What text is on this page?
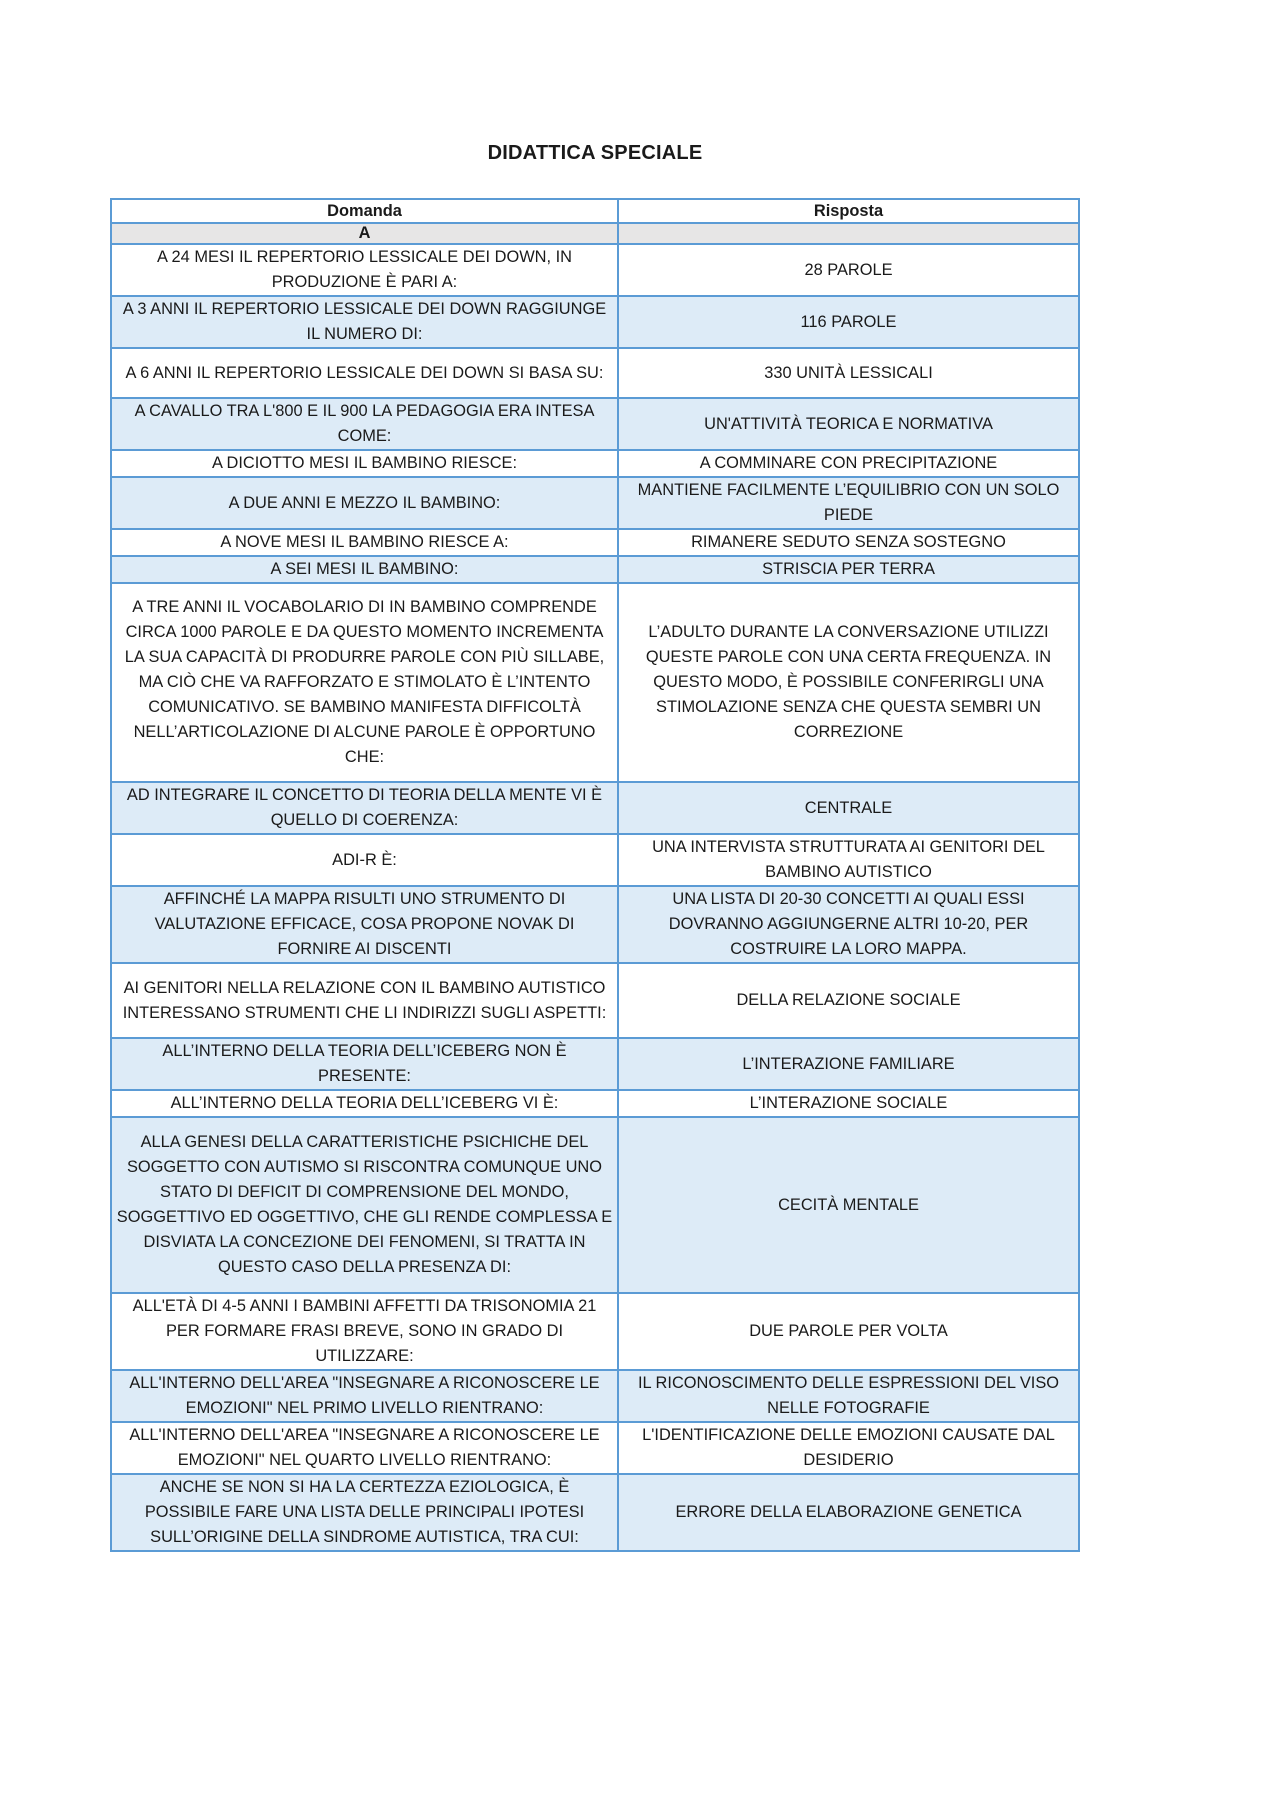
DIDATTICA SPECIALE
Domanda	Risposta
A	
A 24 MESI IL REPERTORIO LESSICALE DEI DOWN, IN PRODUZIONE È PARI A:	28 PAROLE
A 3 ANNI IL REPERTORIO LESSICALE DEI DOWN RAGGIUNGE IL NUMERO DI:	116 PAROLE
A 6 ANNI IL REPERTORIO LESSICALE DEI DOWN SI BASA SU:	330 UNITÀ LESSICALI
A CAVALLO TRA L'800 E IL 900 LA PEDAGOGIA ERA INTESA COME:	UN'ATTIVITÀ TEORICA E NORMATIVA
A DICIOTTO MESI IL BAMBINO RIESCE:	A COMMINARE CON PRECIPITAZIONE
A DUE ANNI E MEZZO IL BAMBINO:	MANTIENE FACILMENTE L’EQUILIBRIO CON UN SOLO PIEDE
A NOVE MESI IL BAMBINO RIESCE A:	RIMANERE SEDUTO SENZA SOSTEGNO
A SEI MESI IL BAMBINO:	STRISCIA PER TERRA
A TRE ANNI IL VOCABOLARIO DI IN BAMBINO COMPRENDE CIRCA 1000 PAROLE E DA QUESTO MOMENTO INCREMENTA LA SUA CAPACITÀ DI PRODURRE PAROLE CON PIÙ SILLABE, MA CIÒ CHE VA RAFFORZATO E STIMOLATO È L’INTENTO COMUNICATIVO. SE BAMBINO MANIFESTA DIFFICOLTÀ NELL’ARTICOLAZIONE DI ALCUNE PAROLE È OPPORTUNO CHE:	L’ADULTO DURANTE LA CONVERSAZIONE UTILIZZI QUESTE PAROLE CON UNA CERTA FREQUENZA. IN QUESTO MODO, È POSSIBILE CONFERIRGLI UNA STIMOLAZIONE SENZA CHE QUESTA SEMBRI UN CORREZIONE
AD INTEGRARE IL CONCETTO DI TEORIA DELLA MENTE VI È QUELLO DI COERENZA:	CENTRALE
ADI-R È:	UNA INTERVISTA STRUTTURATA AI GENITORI DEL BAMBINO AUTISTICO
AFFINCHÉ LA MAPPA RISULTI UNO STRUMENTO DI VALUTAZIONE EFFICACE, COSA PROPONE NOVAK DI FORNIRE AI DISCENTI	UNA LISTA DI 20-30 CONCETTI AI QUALI ESSI DOVRANNO AGGIUNGERNE ALTRI 10-20, PER COSTRUIRE LA LORO MAPPA.
AI GENITORI NELLA RELAZIONE CON IL BAMBINO AUTISTICO INTERESSANO STRUMENTI CHE LI INDIRIZZI SUGLI ASPETTI:	DELLA RELAZIONE SOCIALE
ALL’INTERNO DELLA TEORIA DELL’ICEBERG NON È PRESENTE:	L’INTERAZIONE FAMILIARE
ALL’INTERNO DELLA TEORIA DELL’ICEBERG VI È:	L’INTERAZIONE SOCIALE
ALLA GENESI DELLA CARATTERISTICHE PSICHICHE DEL SOGGETTO CON AUTISMO SI RISCONTRA COMUNQUE UNO STATO DI DEFICIT DI COMPRENSIONE DEL MONDO, SOGGETTIVO ED OGGETTIVO, CHE GLI RENDE COMPLESSA E DISVIATA LA CONCEZIONE DEI FENOMENI, SI TRATTA IN QUESTO CASO DELLA PRESENZA DI:	CECITÀ MENTALE
ALL'ETÀ DI 4-5 ANNI I BAMBINI AFFETTI DA TRISONOMIA 21 PER FORMARE FRASI BREVE, SONO IN GRADO DI UTILIZZARE:	DUE PAROLE PER VOLTA
ALL'INTERNO DELL'AREA "INSEGNARE A RICONOSCERE LE EMOZIONI" NEL PRIMO LIVELLO RIENTRANO:	IL RICONOSCIMENTO DELLE ESPRESSIONI DEL VISO NELLE FOTOGRAFIE
ALL'INTERNO DELL'AREA "INSEGNARE A RICONOSCERE LE EMOZIONI" NEL QUARTO LIVELLO RIENTRANO:	L'IDENTIFICAZIONE DELLE EMOZIONI CAUSATE DAL DESIDERIO
ANCHE SE NON SI HA LA CERTEZZA EZIOLOGICA, È POSSIBILE FARE UNA LISTA DELLE PRINCIPALI IPOTESI SULL’ORIGINE DELLA SINDROME AUTISTICA, TRA CUI:	ERRORE DELLA ELABORAZIONE GENETICA
